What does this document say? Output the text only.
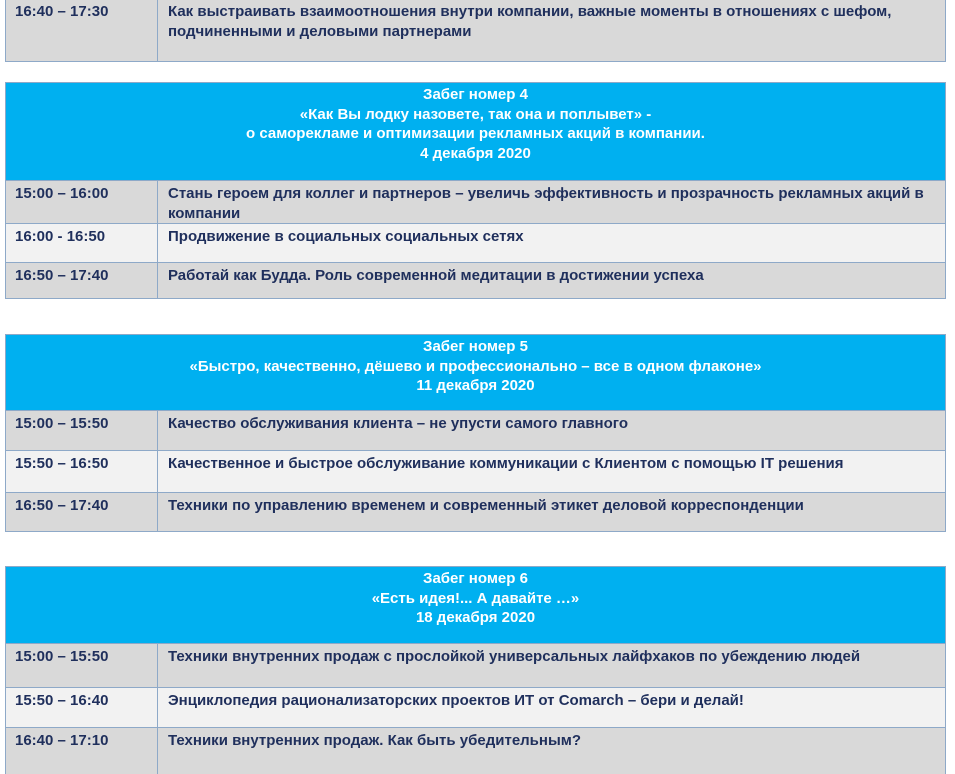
16:40 – 17:30	Как выстраивать взаимоотношения внутри компании, важные моменты в отношениях с шефом, подчиненными и деловыми партнерами
Забег номер 4
«Как Вы лодку назовете, так она и поплывет» -
о саморекламе и оптимизации рекламных акций в компании.
4 декабря 2020
15:00 – 16:00	Стань героем для коллег и партнеров – увеличь эффективность и прозрачность рекламных акций в компании
16:00 - 16:50	Продвижение в социальных социальных сетях
16:50 – 17:40	Работай как Будда. Роль современной медитации в достижении успеха
Забег номер 5
«Быстро, качественно, дёшево и профессионально – все в одном флаконе»
11 декабря 2020
15:00 – 15:50	Качество обслуживания клиента – не упусти самого главного
15:50 – 16:50	Качественное и быстрое обслуживание коммуникации с Клиентом с помощью IT решения
16:50 – 17:40	Техники по управлению временем и современный этикет деловой корреспонденции
Забег номер 6
«Есть идея!... А давайте …»
18 декабря 2020
15:00 – 15:50	Техники внутренних продаж с прослойкой универсальных лайфхаков по убеждению людей
15:50 – 16:40	Энциклопедия рационализаторских проектов ИТ от Comarch – бери и делай!
16:40 – 17:10	Техники внутренних продаж. Как быть убедительным?
